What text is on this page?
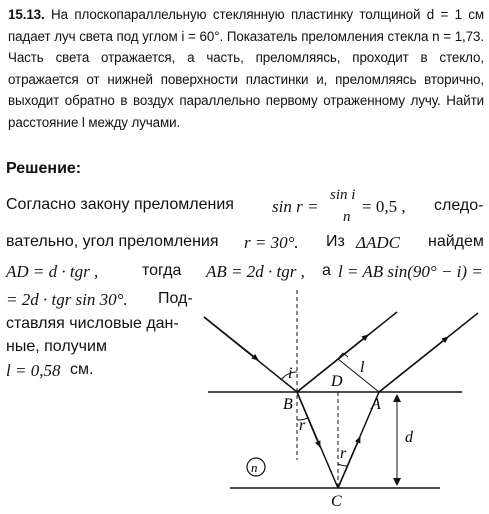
15.13. На плоскопараллельную стеклянную пластинку толщиной d = 1 см падает луч света под углом i = 60°. Показатель преломления стекла n = 1,73. Часть света отражается, а часть, преломляясь, проходит в стекло, отражается от нижней поверхности пластинки и, преломляясь вторично, выходит обратно в воздух параллельно первому отраженному лучу. Найти расстояние l между лучами.
Решение:
Согласно закону преломления sin r =
sin i
n
= 0,5 , следо-
вательно, угол преломления r = 30°. Из ΔADC найдем
AD = d · tgr ,	тогда AB = 2d · tgr , а l = AB sin(90° − i) =
= 2d · tgr sin 30°. Под-
ставляя числовые дан-
ные, получим
l = 0,58 см.	i D
l
B	A
r
r
d
n
C
